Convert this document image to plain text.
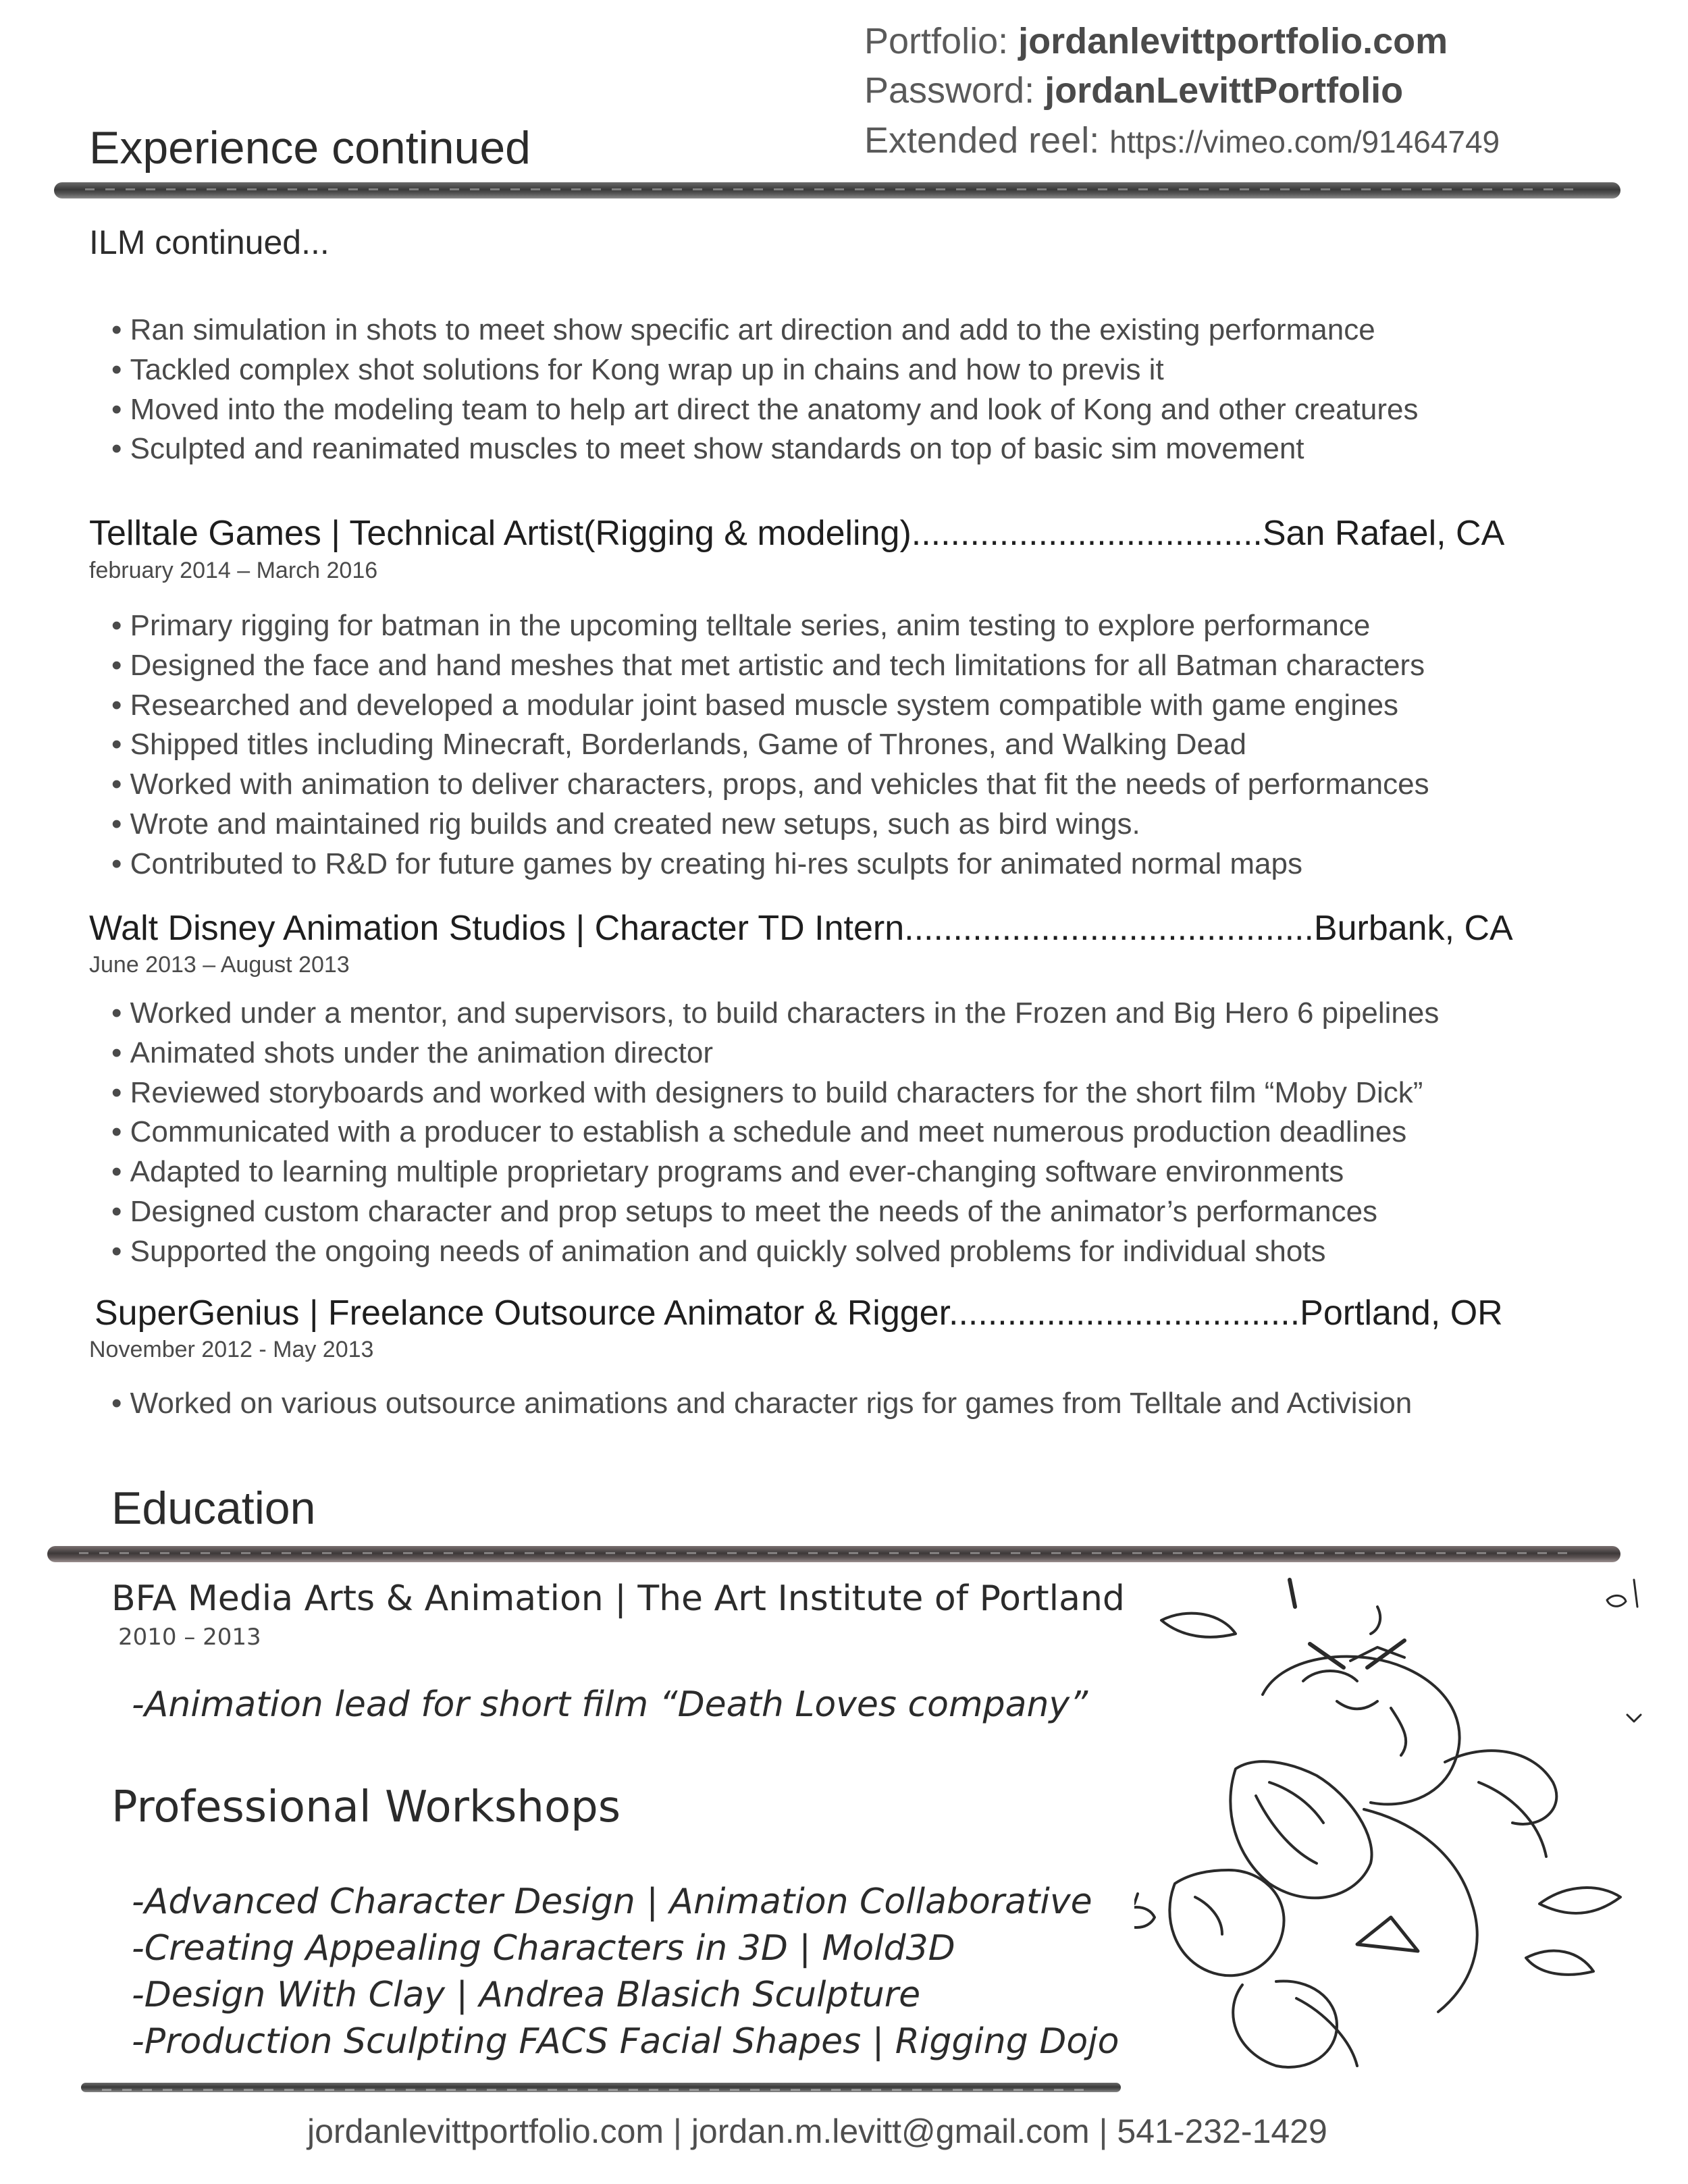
Portfolio: jordanlevittportfolio.com
Password: jordanLevittPortfolio
Extended reel: https://vimeo.com/91464749
Experience continued
ILM continued...
• Ran simulation in shots to meet show specific art direction and add to the existing performance
• Tackled complex shot solutions for Kong wrap up in chains and how to previs it
• Moved into the modeling team to help art direct the anatomy and look of Kong and other creatures
• Sculpted and reanimated muscles to meet show standards on top of basic sim movement
Telltale Games | Technical Artist(Rigging & modeling)....................................San Rafael, CA
february 2014 – March 2016
• Primary rigging for batman in the upcoming telltale series, anim testing to explore performance
• Designed the face and hand meshes that met artistic and tech limitations for all Batman characters
• Researched and developed a modular joint based muscle system compatible with game engines
• Shipped titles including Minecraft, Borderlands, Game of Thrones, and Walking Dead
• Worked with animation to deliver characters, props, and vehicles that fit the needs of performances
• Wrote and maintained rig builds and created new setups, such as bird wings.
• Contributed to R&D for future games by creating hi-res sculpts for animated normal maps
Walt Disney Animation Studios | Character TD Intern..........................................Burbank, CA
June 2013 – August 2013
• Worked under a mentor, and supervisors, to build characters in the Frozen and Big Hero 6 pipelines
• Animated shots under the animation director
• Reviewed storyboards and worked with designers to build characters for the short film “Moby Dick”
• Communicated with a producer to establish a schedule and meet numerous production deadlines
• Adapted to learning multiple proprietary programs and ever-changing software environments
• Designed custom character and prop setups to meet the needs of the animator’s performances
• Supported the ongoing needs of animation and quickly solved problems for individual shots
SuperGenius | Freelance Outsource Animator & Rigger....................................Portland, OR
November 2012 - May 2013
• Worked on various outsource animations and character rigs for games from Telltale and Activision
Education
BFA Media Arts & Animation | The Art Institute of Portland
2010 – 2013
-Animation lead for short film “Death Loves company”
Professional Workshops
-Advanced Character Design | Animation Collaborative
-Creating Appealing Characters in 3D | Mold3D
-Design With Clay | Andrea Blasich Sculpture
-Production Sculpting FACS Facial Shapes | Rigging Dojo
jordanlevittportfolio.com | jordan.m.levitt@gmail.com | 541-232-1429
